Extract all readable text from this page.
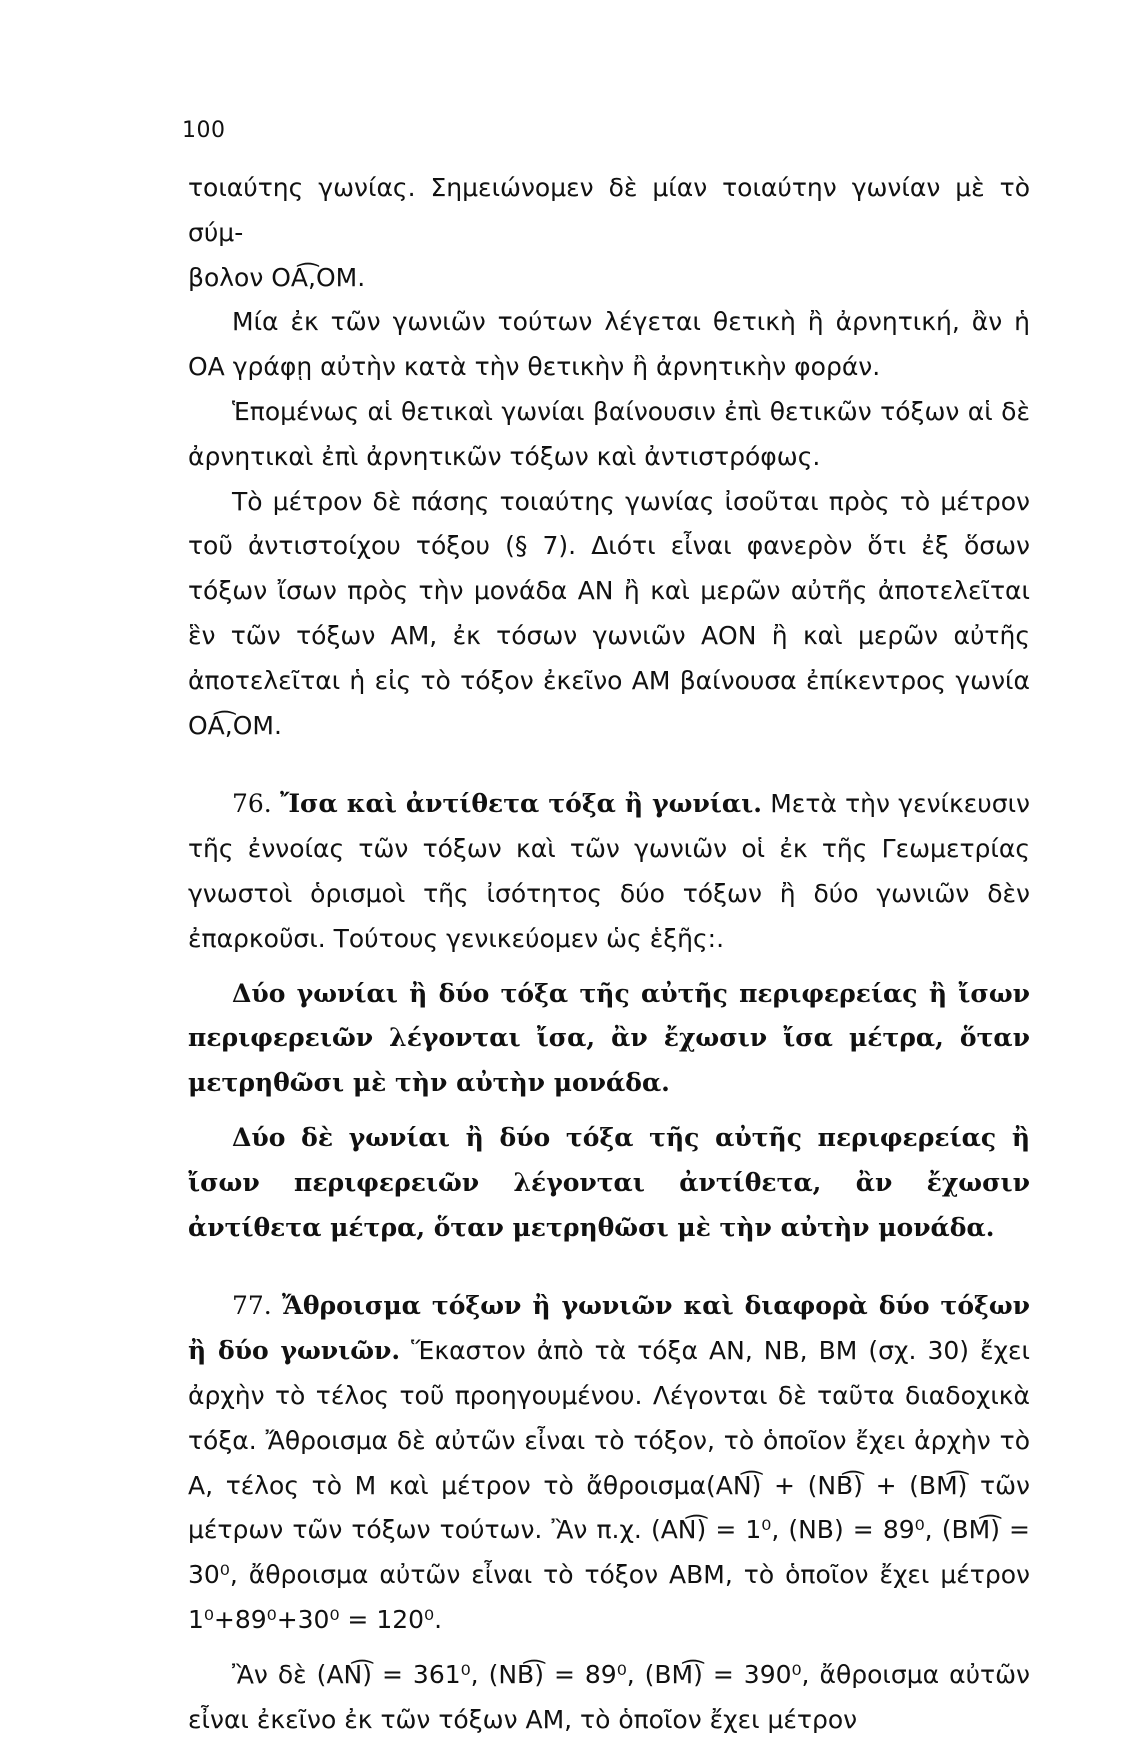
100

τοιαύτης γωνίας. Σημειώνομεν δὲ μίαν τοιαύτην γωνίαν μὲ τὸ σύμ-

βολον ΟΑ͡,ΟΜ.

Μία ἐκ τῶν γωνιῶν τούτων λέγεται θετικὴ ἢ ἀρνητική, ἂν ἡ ΟΑ γράφῃ αὐτὴν κατὰ τὴν θετικὴν ἢ ἀρνητικὴν φοράν.

Ἑπομένως αἱ θετικαὶ γωνίαι βαίνουσιν ἐπὶ θετικῶν τόξων αἱ δὲ ἀρνητικαὶ ἐπὶ ἀρνητικῶν τόξων καὶ ἀντιστρόφως.

Τὸ μέτρον δὲ πάσης τοιαύτης γωνίας ἰσοῦται πρὸς τὸ μέτρον τοῦ ἀντιστοίχου τόξου (§ 7). Διότι εἶναι φανερὸν ὅτι ἐξ ὅσων τόξων ἴσων πρὸς τὴν μονάδα ΑΝ ἢ καὶ μερῶν αὐτῆς ἀποτελεῖται ἓν τῶν τόξων ΑΜ, ἐκ τόσων γωνιῶν ΑΟΝ ἢ καὶ μερῶν αὐτῆς ἀποτελεῖται ἡ εἰς τὸ τόξον ἐκεῖνο ΑΜ βαίνουσα ἐπίκεντρος γωνία ΟΑ͡,ΟΜ.

76. Ἴσα καὶ ἀντίθετα τόξα ἢ γωνίαι. Μετὰ τὴν γενίκευσιν τῆς ἐννοίας τῶν τόξων καὶ τῶν γωνιῶν οἱ ἐκ τῆς Γεωμετρίας γνωστοὶ ὁρισμοὶ τῆς ἰσότητος δύο τόξων ἢ δύο γωνιῶν δὲν ἐπαρκοῦσι. Τούτους γενικεύομεν ὡς ἑξῆς:.

Δύο γωνίαι ἢ δύο τόξα τῆς αὐτῆς περιφερείας ἢ ἴσων περιφερειῶν λέγονται ἴσα, ἂν ἔχωσιν ἴσα μέτρα, ὅταν μετρηθῶσι μὲ τὴν αὐτὴν μονάδα.

Δύο δὲ γωνίαι ἢ δύο τόξα τῆς αὐτῆς περιφερείας ἢ ἴσων περιφερειῶν λέγονται ἀντίθετα, ἂν ἔχωσιν ἀντίθετα μέτρα, ὅταν μετρηθῶσι μὲ τὴν αὐτὴν μονάδα.

77. Ἄθροισμα τόξων ἢ γωνιῶν καὶ διαφορὰ δύο τόξων ἢ δύο γωνιῶν. Ἕκαστον ἀπὸ τὰ τόξα ΑΝ, ΝΒ, ΒΜ (σχ. 30) ἔχει ἀρχὴν τὸ τέλος τοῦ προηγουμένου. Λέγονται δὲ ταῦτα διαδοχικὰ τόξα. Ἄθροισμα δὲ αὐτῶν εἶναι τὸ τόξον, τὸ ὁποῖον ἔχει ἀρχὴν τὸ Α, τέλος τὸ Μ καὶ μέτρον τὸ ἄθροισμα(ΑΝ͡) + (ΝΒ͡) + (ΒΜ͡) τῶν μέτρων τῶν τόξων τούτων. Ἂν π.χ. (ΑΝ͡) = 1⁰, (ΝΒ) = 89⁰, (ΒΜ͡) = 30⁰, ἄθροισμα αὐτῶν εἶναι τὸ τόξον ΑΒΜ, τὸ ὁποῖον ἔχει μέτρον 1⁰+89⁰+30⁰ = 120⁰.

Ἂν δὲ (ΑΝ͡) = 361⁰, (ΝΒ͡) = 89⁰, (ΒΜ͡) = 390⁰, ἄθροισμα αὐτῶν εἶναι ἐκεῖνο ἐκ τῶν τόξων ΑΜ, τὸ ὁποῖον ἔχει μέτρον
